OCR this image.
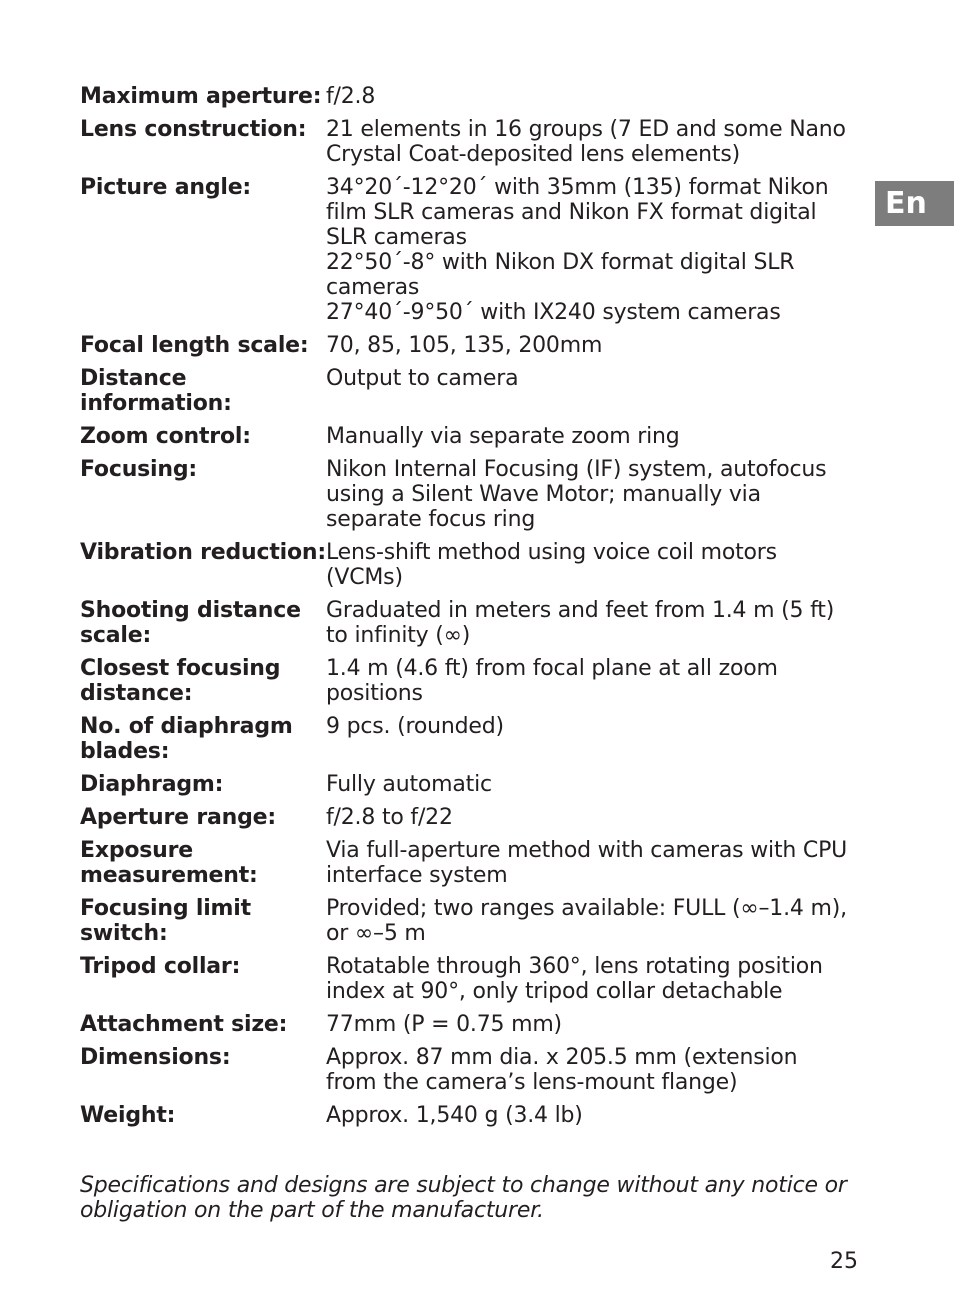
Maximum aperture:	f/2.8

Lens construction:	21 elements in 16 groups (7 ED and some Nano Crystal Coat-deposited lens elements)

Picture angle:	34°20´-12°20´ with 35mm (135) format Nikon film SLR cameras and Nikon FX format digital SLR cameras
22°50´-8° with Nikon DX format digital SLR cameras
27°40´-9°50´ with IX240 system cameras

Focal length scale:	70, 85, 105, 135, 200mm

Distance information:	Output to camera

Zoom control:	Manually via separate zoom ring

Focusing:	Nikon Internal Focusing (IF) system, autofocus using a Silent Wave Motor; manually via separate focus ring

Vibration reduction:	Lens-shift method using voice coil motors (VCMs)

Shooting distance scale:	Graduated in meters and feet from 1.4 m (5 ft) to infinity (∞)

Closest focusing distance:	1.4 m (4.6 ft) from focal plane at all zoom positions

No. of diaphragm blades:	9 pcs. (rounded)

Diaphragm:	Fully automatic

Aperture range:	f/2.8 to f/22

Exposure measurement:	Via full-aperture method with cameras with CPU interface system

Focusing limit switch:	Provided; two ranges available: FULL (∞–1.4 m), or ∞–5 m

Tripod collar:	Rotatable through 360°, lens rotating position index at 90°, only tripod collar detachable

Attachment size:	77mm (P = 0.75 mm)

Dimensions:	Approx. 87 mm dia. x 205.5 mm (extension from the camera’s lens-mount flange)

Weight:	Approx. 1,540 g (3.4 lb)

Specifications and designs are subject to change without any notice or obligation on the part of the manufacturer.

En
25
